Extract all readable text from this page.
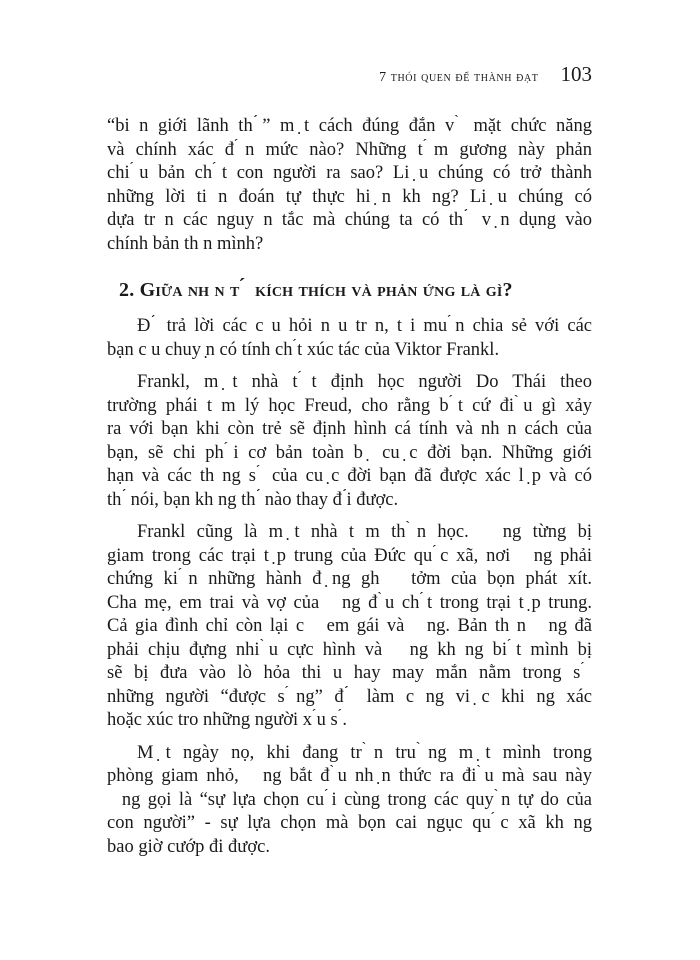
7 thói quen để thành đạt 103
“bi n giới lãnh th ̉” m ̣t cách đúng đắn v ̀ mặt chức năng
và chính xác đ ́n mức nào? Những t ́m gương này phản
chi ́u bản ch ́t con người ra sao? Li ̣u chúng có trở thành
những lời ti n đoán tự thực hi ̣n kh ng? Li ̣u chúng có
dựa tr n các nguy n tắc mà chúng ta có th ̉ v ̣n dụng vào
chính bản th n mình?
2. Giữa nh n t ́  kích thích và phản ứng là gì?
Đ ̉ trả lời các c u hỏi n u tr n, t i mu ́n chia sẻ với các
bạn c u chuy ̣n có tính ch ́t xúc tác của Viktor Frankl.
Frankl, m ̣t nhà t ́t định học người Do Thái theo
trường phái t m lý học Freud, cho rằng b ́t cứ đi ̀u gì xảy
ra với bạn khi còn trẻ sẽ định hình cá tính và nh n cách của
bạn, sẽ chi ph ́i cơ bản toàn b ̣ cu ̣c đời bạn. Những giới
hạn và các th ng s ́ của cu ̣c đời bạn đã được xác l ̣p và có
th ̉ nói, bạn kh ng th ̉ nào thay đ ̉i được.
Frankl cũng là m ̣t nhà t m th ̀n học.   ng từng bị
giam trong các trại t ̣p trung của Đức qu ́c xã, nơi   ng phải
chứng ki ́n những hành đ ̣ng gh   tởm của bọn phát xít.
Cha mẹ, em trai và vợ của   ng đ ̀u ch ́t trong trại t ̣p trung.
Cả gia đình chỉ còn lại c   em gái và   ng. Bản th n   ng đã
phải chịu đựng nhi ̀u cực hình và   ng kh ng bi ́t mình bị
sẽ bị đưa vào lò hỏa thi u hay may mắn nằm trong s ́
những người “được s ́ng” đ ̉ làm c ng vi ̣c khi ng xác
hoặc xúc tro những người x ́u s ́.
M ̣t ngày nọ, khi đang tr ̀n tru ̀ng m ̣t mình trong
phòng giam nhỏ,   ng bắt đ ̀u nh ̣n thức ra đi ̀u mà sau này
ng gọi là “sự lựa chọn cu ́i cùng trong các quy ̀n tự do của
con người” - sự lựa chọn mà bọn cai ngục qu ́c xã kh ng
bao giờ cướp đi được.
